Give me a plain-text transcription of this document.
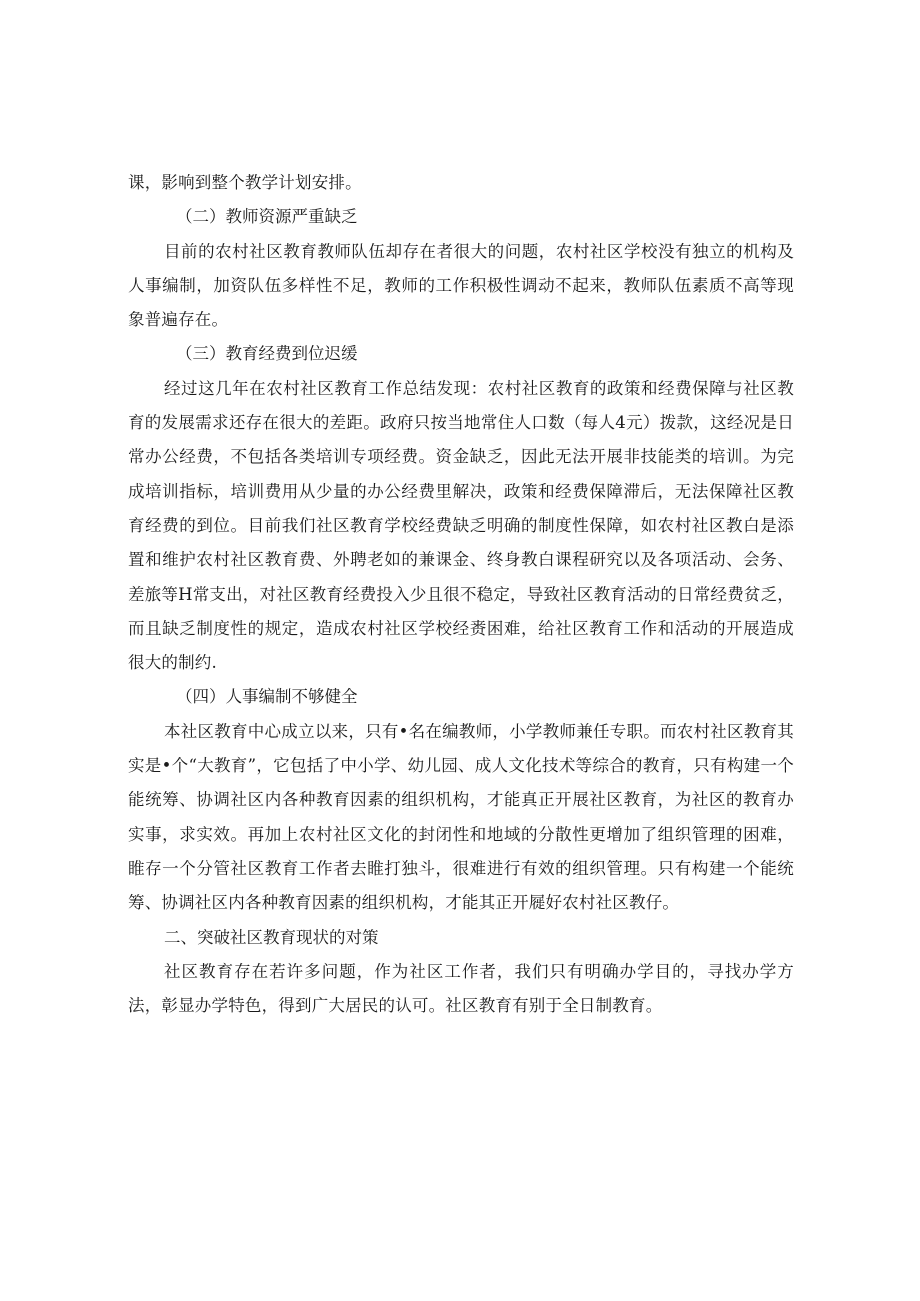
课，影响到整个教学计划安排。

（二）教师资源严重缺乏

目前的农村社区教育教师队伍却存在者很大的问题，农村社区学校没有独立的机构及人事编制，加资队伍多样性不足，教师的工作积极性调动不起来，教师队伍素质不高等现象普遍存在。

（三）教育经费到位迟缓

经过这几年在农村社区教育工作总结发现：农村社区教育的政策和经费保障与社区教育的发展需求还存在很大的差距。政府只按当地常住人口数（每人4元）拨款，这经况是日常办公经费，不包括各类培训专项经费。资金缺乏，因此无法开展非技能类的培训。为完成培训指标，培训费用从少量的办公经费里解决，政策和经费保障滞后，无法保障社区教育经费的到位。目前我们社区教育学校经费缺乏明确的制度性保障，如农村社区教白是添置和维护农村社区教育费、外聘老如的兼课金、终身教白课程研究以及各项活动、会务、差旅等H常支出，对社区教育经费投入少且很不稳定，导致社区教育活动的日常经费贫乏，而且缺乏制度性的规定，造成农村社区学校经赉困难，给社区教育工作和活动的开展造成很大的制约.

（四）人事编制不够健全

本社区教育中心成立以来，只有•名在编教师，小学教师兼任专职。而农村社区教育其实是•个“大教育”，它包括了中小学、幼儿园、成人文化技术等综合的教育，只有构建一个能统筹、协调社区内各种教育因素的组织机构，才能真正开展社区教育，为社区的教育办实事，求实效。再加上农村社区文化的封闭性和地域的分散性更增加了组织管理的困难，睢存一个分管社区教育工作者去睢打独斗，很难进行有效的组织管理。只有构建一个能统筹、协调社区内各种教育因素的组织机构，才能其正开屣好农村社区教仔。

二、突破社区教育现状的对策

社区教育存在若许多问题，作为社区工作者，我们只有明确办学目的，寻找办学方法，彰显办学特色，得到广大居民的认可。社区教育有别于全日制教育。
